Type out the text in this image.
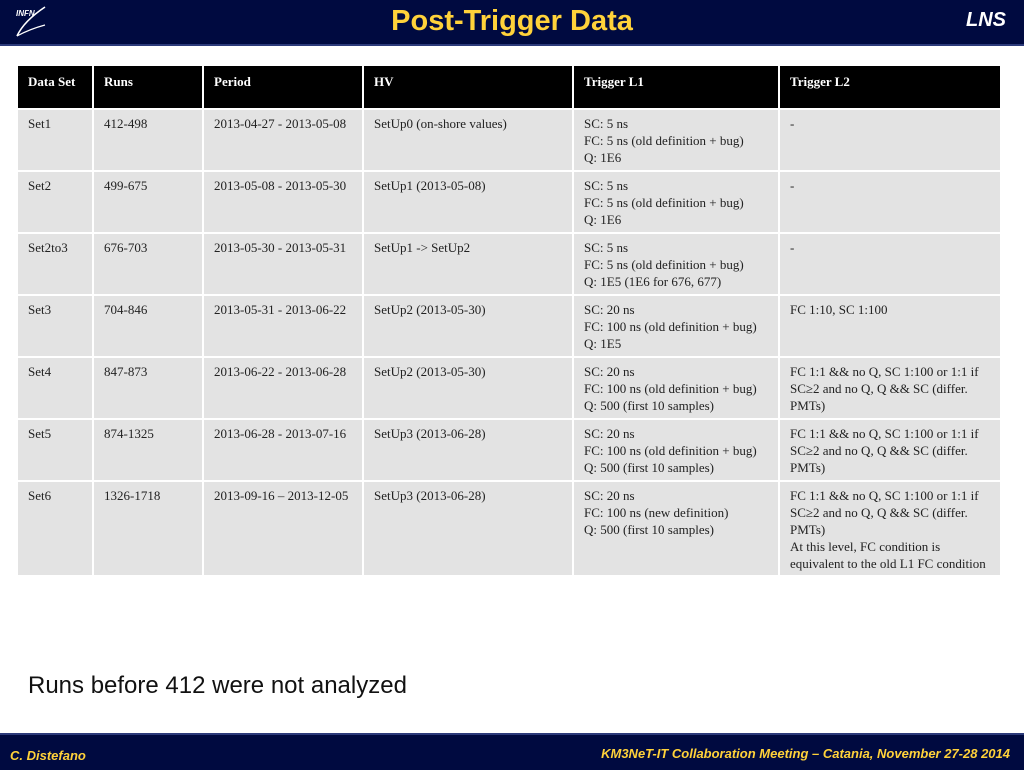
INFN	Post-Trigger Data	LNS
Data Set	Runs	Period	HV	Trigger L1	Trigger L2
Set1	412-498	2013-04-27 - 2013-05-08	SetUp0 (on-shore values)	SC: 5 ns
FC: 5 ns (old definition + bug)
Q: 1E6	-

Set2	499-675	2013-05-08 - 2013-05-30	SetUp1 (2013-05-08)	SC: 5 ns
FC: 5 ns (old definition + bug)
Q: 1E6	-

Set2to3	676-703	2013-05-30 - 2013-05-31	SetUp1 -> SetUp2	SC: 5 ns
FC: 5 ns (old definition + bug)
Q: 1E5 (1E6 for 676, 677)	-

Set3	704-846	2013-05-31 - 2013-06-22	SetUp2 (2013-05-30)	SC: 20 ns
FC: 100 ns (old definition + bug)
Q: 1E5	FC 1:10, SC 1:100

Set4	847-873	2013-06-22 - 2013-06-28	SetUp2 (2013-05-30)	SC: 20 ns
FC: 100 ns (old definition + bug)
Q: 500 (first 10 samples)	FC 1:1 && no Q, SC 1:100 or 1:1 if SC≥2 and no Q, Q && SC (differ. PMTs)

Set5	874-1325	2013-06-28 - 2013-07-16	SetUp3 (2013-06-28)	SC: 20 ns
FC: 100 ns (old definition + bug)
Q: 500 (first 10 samples)	FC 1:1 && no Q, SC 1:100 or 1:1 if SC≥2 and no Q, Q && SC (differ. PMTs)

Set6	1326-1718	2013-09-16 – 2013-12-05	SetUp3 (2013-06-28)	SC: 20 ns
FC: 100 ns (new definition)
Q: 500 (first 10 samples)	FC 1:1 && no Q, SC 1:100 or 1:1 if SC≥2 and no Q, Q && SC (differ. PMTs)
At this level, FC condition is equivalent to the old L1 FC condition
Runs before 412 were not analyzed
C. Distefano	KM3NeT-IT Collaboration Meeting – Catania, November 27-28 2014
